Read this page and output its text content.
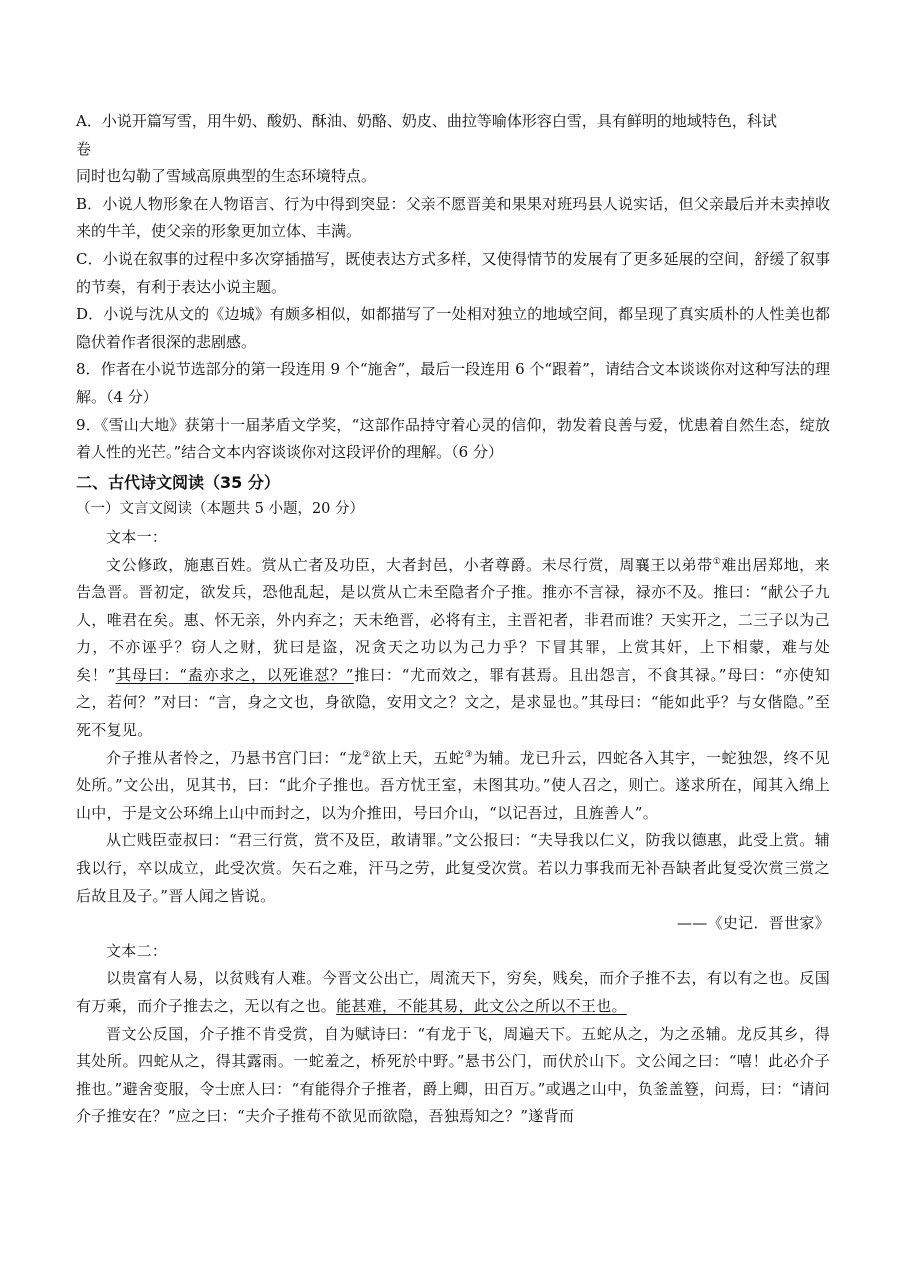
A．小说开篇写雪，用牛奶、酸奶、酥油、奶酪、奶皮、曲拉等喻体形容白雪，具有鲜明的地域特色，科试

卷

同时也勾勒了雪域高原典型的生态环境特点。

B．小说人物形象在人物语言、行为中得到突显：父亲不愿晋美和果果对班玛县人说实话，但父亲最后并未卖掉收来的牛羊，使父亲的形象更加立体、丰满。

C．小说在叙事的过程中多次穿插描写，既使表达方式多样，又使得情节的发展有了更多延展的空间，舒缓了叙事的节奏，有利于表达小说主题。

D．小说与沈从文的《边城》有颇多相似，如都描写了一处相对独立的地域空间，都呈现了真实质朴的人性美也都隐伏着作者很深的悲剧感。

8．作者在小说节选部分的第一段连用 9 个“施舍”，最后一段连用 6 个“跟着”，请结合文本谈谈你对这种写法的理解。（4 分）

9．《雪山大地》获第十一届茅盾文学奖，“这部作品持守着心灵的信仰，勃发着良善与爱，忧患着自然生态，绽放着人性的光芒。”结合文本内容谈谈你对这段评价的理解。（6 分）

二、古代诗文阅读（35 分）

（一）文言文阅读（本题共 5 小题，20 分）

文本一：

文公修政，施惠百姓。赏从亡者及功臣，大者封邑，小者尊爵。未尽行赏，周襄王以弟带①难出居郑地，来告急晋。晋初定，欲发兵，恐他乱起，是以赏从亡未至隐者介子推。推亦不言禄，禄亦不及。推曰：“献公子九人，唯君在矣。惠、怀无亲，外内弃之；天未绝晋，必将有主，主晋祀者，非君而谁？天实开之，二三子以为己力，不亦诬乎？窃人之财，犹曰是盗，况贪天之功以为己力乎？下冒其罪，上赏其奸，上下相蒙，难与处矣！”其母曰：“盍亦求之，以死谁怼？”推曰：“尤而效之，罪有甚焉。且出怨言，不食其禄。”母曰：“亦使知之，若何？”对曰：“言，身之文也，身欲隐，安用文之？文之，是求显也。”其母曰：“能如此乎？与女偕隐。”至死不复见。

介子推从者怜之，乃悬书宫门曰：“龙②欲上天，五蛇③为辅。龙已升云，四蛇各入其宇，一蛇独怨，终不见处所。”文公出，见其书，曰：“此介子推也。吾方忧王室，未图其功。”使人召之，则亡。遂求所在，闻其入绵上山中，于是文公环绵上山中而封之，以为介推田，号曰介山，“以记吾过，且旌善人”。

从亡贱臣壶叔曰：“君三行赏，赏不及臣，敢请罪。”文公报曰：“夫导我以仁义，防我以德惠，此受上赏。辅我以行，卒以成立，此受次赏。矢石之难，汗马之劳，此复受次赏。若以力事我而无补吾缺者此复受次赏三赏之后故且及子。”晋人闻之皆说。

——《史记．晋世家》

文本二：

以贵富有人易，以贫贱有人难。今晋文公出亡，周流天下，穷矣，贱矣，而介子推不去，有以有之也。反国有万乘，而介子推去之，无以有之也。能甚难，不能其易，此文公之所以不王也。

晋文公反国，介子推不肯受赏，自为赋诗曰：“有龙于飞，周遍天下。五蛇从之，为之丞辅。龙反其乡，得其处所。四蛇从之，得其露雨。一蛇羞之，桥死於中野。”悬书公门，而伏於山下。文公闻之曰：“嘻！此必介子推也。”避舍变服，令士庶人曰：“有能得介子推者，爵上卿，田百万。”或遇之山中，负釜盖簦，问焉，曰：“请问介子推安在？”应之曰：“夫介子推苟不欲见而欲隐，吾独焉知之？”遂背而
